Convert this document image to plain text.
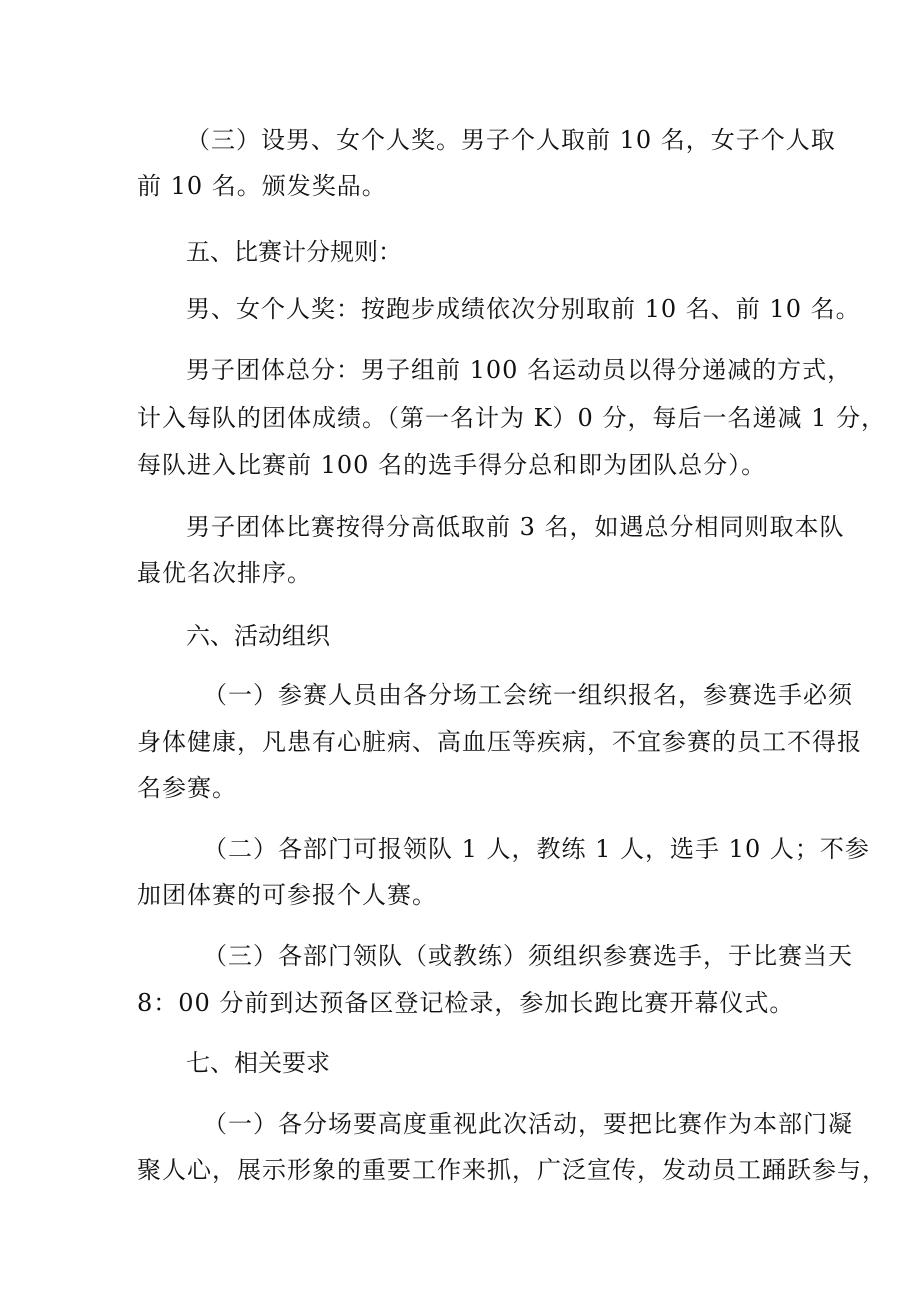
（三）设男、女个人奖。男子个人取前 10 名，女子个人取
前 10 名。颁发奖品。
五、比赛计分规则：
男、女个人奖：按跑步成绩依次分别取前 10 名、前 10 名。
男子团体总分：男子组前 100 名运动员以得分递减的方式，
计入每队的团体成绩。（第一名计为 K）0 分，每后一名递减 1 分，
每队进入比赛前 100 名的选手得分总和即为团队总分）。
男子团体比赛按得分高低取前 3 名，如遇总分相同则取本队
最优名次排序。
六、活动组织
（一）参赛人员由各分场工会统一组织报名，参赛选手必须
身体健康，凡患有心脏病、高血压等疾病，不宜参赛的员工不得报
名参赛。
（二）各部门可报领队 1 人，教练 1 人，选手 10 人；不参
加团体赛的可参报个人赛。
（三）各部门领队（或教练）须组织参赛选手，于比赛当天
8：00 分前到达预备区登记检录，参加长跑比赛开幕仪式。
七、相关要求
（一）各分场要高度重视此次活动，要把比赛作为本部门凝
聚人心，展示形象的重要工作来抓，广泛宣传，发动员工踊跃参与，
